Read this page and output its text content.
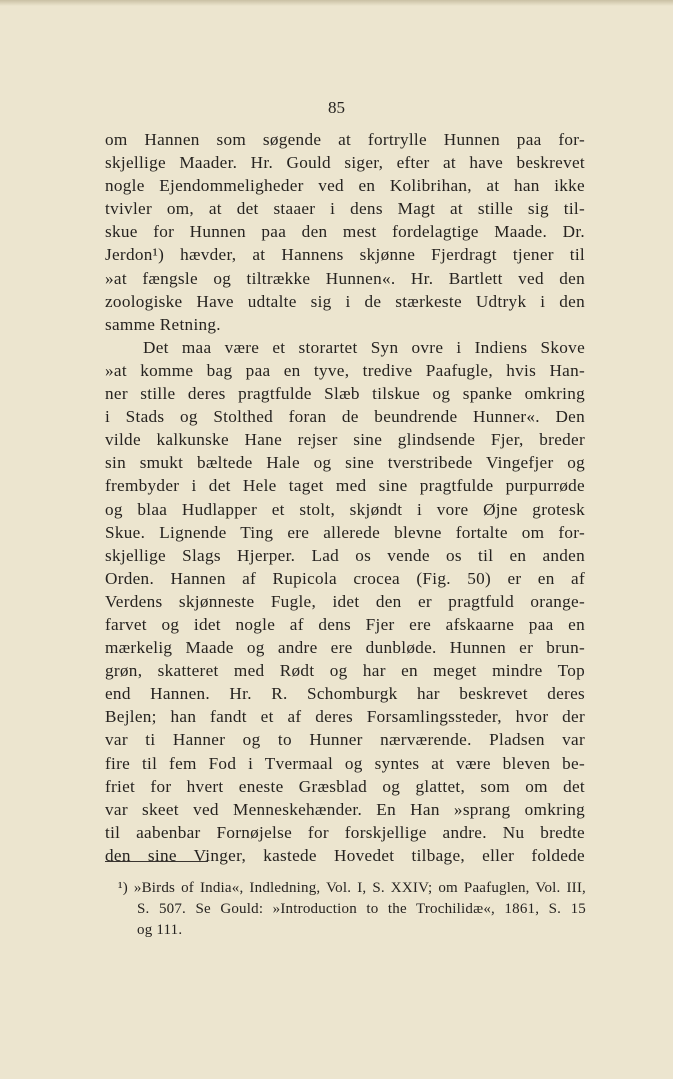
85
om Hannen som søgende at fortrylle Hunnen paa for-
skjellige Maader. Hr. Gould siger, efter at have beskrevet
nogle Ejendommeligheder ved en Kolibrihan, at han ikke
tvivler om, at det staaer i dens Magt at stille sig til-
skue for Hunnen paa den mest fordelagtige Maade. Dr.
Jerdon¹) hævder, at Hannens skjønne Fjerdragt tjener til
»at fængsle og tiltrække Hunnen«. Hr. Bartlett ved den
zoologiske Have udtalte sig i de stærkeste Udtryk i den
samme Retning.
Det maa være et storartet Syn ovre i Indiens Skove
»at komme bag paa en tyve, tredive Paafugle, hvis Han-
ner stille deres pragtfulde Slæb tilskue og spanke omkring
i Stads og Stolthed foran de beundrende Hunner«. Den
vilde kalkunske Hane rejser sine glindsende Fjer, breder
sin smukt bæltede Hale og sine tverstribede Vingefjer og
frembyder i det Hele taget med sine pragtfulde purpurrøde
og blaa Hudlapper et stolt, skjøndt i vore Øjne grotesk
Skue. Lignende Ting ere allerede blevne fortalte om for-
skjellige Slags Hjerper. Lad os vende os til en anden
Orden. Hannen af Rupicola crocea (Fig. 50) er en af
Verdens skjønneste Fugle, idet den er pragtfuld orange-
farvet og idet nogle af dens Fjer ere afskaarne paa en
mærkelig Maade og andre ere dunbløde. Hunnen er brun-
grøn, skatteret med Rødt og har en meget mindre Top
end Hannen. Hr. R. Schomburgk har beskrevet deres
Bejlen; han fandt et af deres Forsamlingssteder, hvor der
var ti Hanner og to Hunner nærværende. Pladsen var
fire til fem Fod i Tvermaal og syntes at være bleven be-
friet for hvert eneste Græsblad og glattet, som om det
var skeet ved Menneskehænder. En Han »sprang omkring
til aabenbar Fornøjelse for forskjellige andre. Nu bredte
den sine Vinger, kastede Hovedet tilbage, eller foldede
¹) »Birds of India«, Indledning, Vol. I, S. XXIV; om Paafuglen, Vol. III,
S. 507. Se Gould: »Introduction to the Trochilidæ«, 1861, S. 15
og 111.
